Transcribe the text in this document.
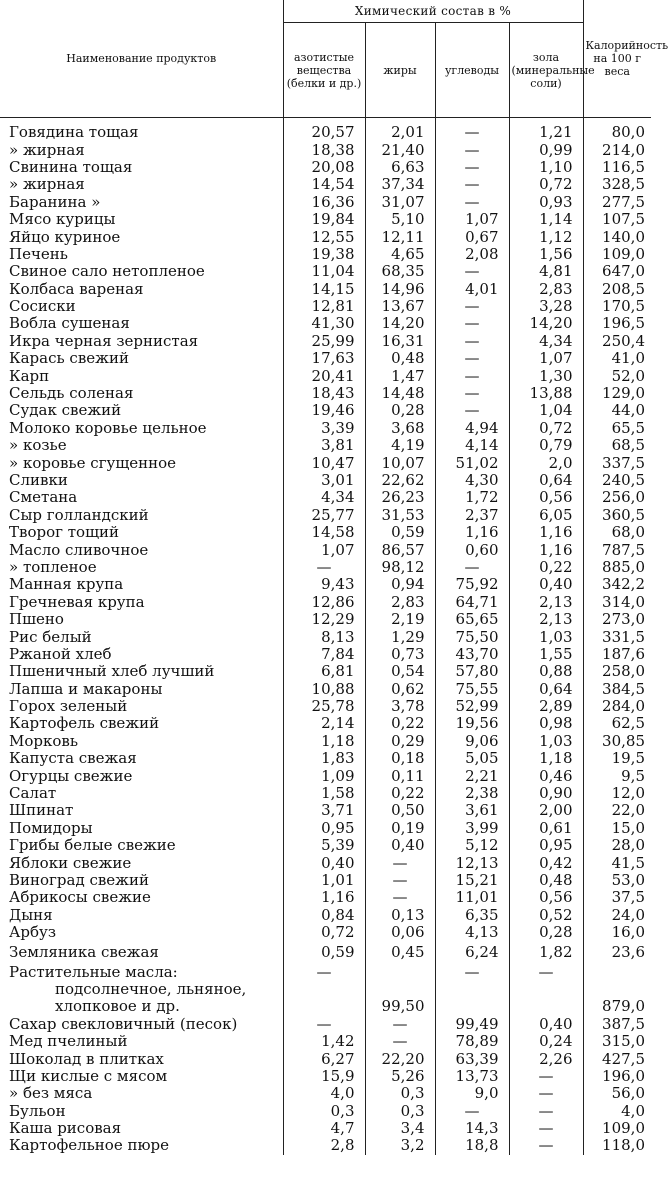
Наименование продуктов	Химический состав в %				Калорийность на 100 г веса
	азотистые вещества (белки и др.)	жиры	углеводы	зола (минеральные соли)	

Говядина тощая	20,57	2,01	—	1,21	80,0
» жирная	18,38	21,40	—	0,99	214,0
Свинина тощая	20,08	6,63	—	1,10	116,5
» жирная	14,54	37,34	—	0,72	328,5
Баранина »	16,36	31,07	—	0,93	277,5
Мясо курицы	19,84	5,10	1,07	1,14	107,5
Яйцо куриное	12,55	12,11	0,67	1,12	140,0
Печень	19,38	4,65	2,08	1,56	109,0
Свиное сало нетопленое	11,04	68,35	—	4,81	647,0
Колбаса вареная	14,15	14,96	4,01	2,83	208,5
Сосиски	12,81	13,67	—	3,28	170,5
Вобла сушеная	41,30	14,20	—	14,20	196,5
Икра черная зернистая	25,99	16,31	—	4,34	250,4
Карась свежий	17,63	0,48	—	1,07	41,0
Карп	20,41	1,47	—	1,30	52,0
Сельдь соленая	18,43	14,48	—	13,88	129,0
Судак свежий	19,46	0,28	—	1,04	44,0
Молоко коровье цельное	3,39	3,68	4,94	0,72	65,5
» козье	3,81	4,19	4,14	0,79	68,5
» коровье сгущенное	10,47	10,07	51,02	2,0	337,5
Сливки	3,01	22,62	4,30	0,64	240,5
Сметана	4,34	26,23	1,72	0,56	256,0
Сыр голландский	25,77	31,53	2,37	6,05	360,5
Творог тощий	14,58	0,59	1,16	1,16	68,0
Масло сливочное	1,07	86,57	0,60	1,16	787,5
» топленое	—	98,12	—	0,22	885,0
Манная крупа	9,43	0,94	75,92	0,40	342,2
Гречневая крупа	12,86	2,83	64,71	2,13	314,0
Пшено	12,29	2,19	65,65	2,13	273,0
Рис белый	8,13	1,29	75,50	1,03	331,5
Ржаной хлеб	7,84	0,73	43,70	1,55	187,6
Пшеничный хлеб лучший	6,81	0,54	57,80	0,88	258,0
Лапша и макароны	10,88	0,62	75,55	0,64	384,5
Горох зеленый	25,78	3,78	52,99	2,89	284,0
Картофель свежий	2,14	0,22	19,56	0,98	62,5
Морковь	1,18	0,29	9,06	1,03	30,85
Капуста свежая	1,83	0,18	5,05	1,18	19,5
Огурцы свежие	1,09	0,11	2,21	0,46	9,5
Салат	1,58	0,22	2,38	0,90	12,0
Шпинат	3,71	0,50	3,61	2,00	22,0
Помидоры	0,95	0,19	3,99	0,61	15,0
Грибы белые свежие	5,39	0,40	5,12	0,95	28,0
Яблоки свежие	0,40	—	12,13	0,42	41,5
Виноград свежий	1,01	—	15,21	0,48	53,0
Абрикосы свежие	1,16	—	11,01	0,56	37,5
Дыня	0,84	0,13	6,35	0,52	24,0
Арбуз	0,72	0,06	4,13	0,28	16,0
Земляника свежая	0,59	0,45	6,24	1,82	23,6
Растительные масла:	—		—	—	
подсолнечное, льняное,					
хлопковое и др.		99,50			879,0
Сахар свекловичный (песок)	—	—	99,49	0,40	387,5
Мед пчелиный	1,42	—	78,89	0,24	315,0
Шоколад в плитках	6,27	22,20	63,39	2,26	427,5
Щи кислые с мясом	15,9	5,26	13,73	—	196,0
» без мяса	4,0	0,3	9,0	—	56,0
Бульон	0,3	0,3	—	—	4,0
Каша рисовая	4,7	3,4	14,3	—	109,0
Картофельное пюре	2,8	3,2	18,8	—	118,0
